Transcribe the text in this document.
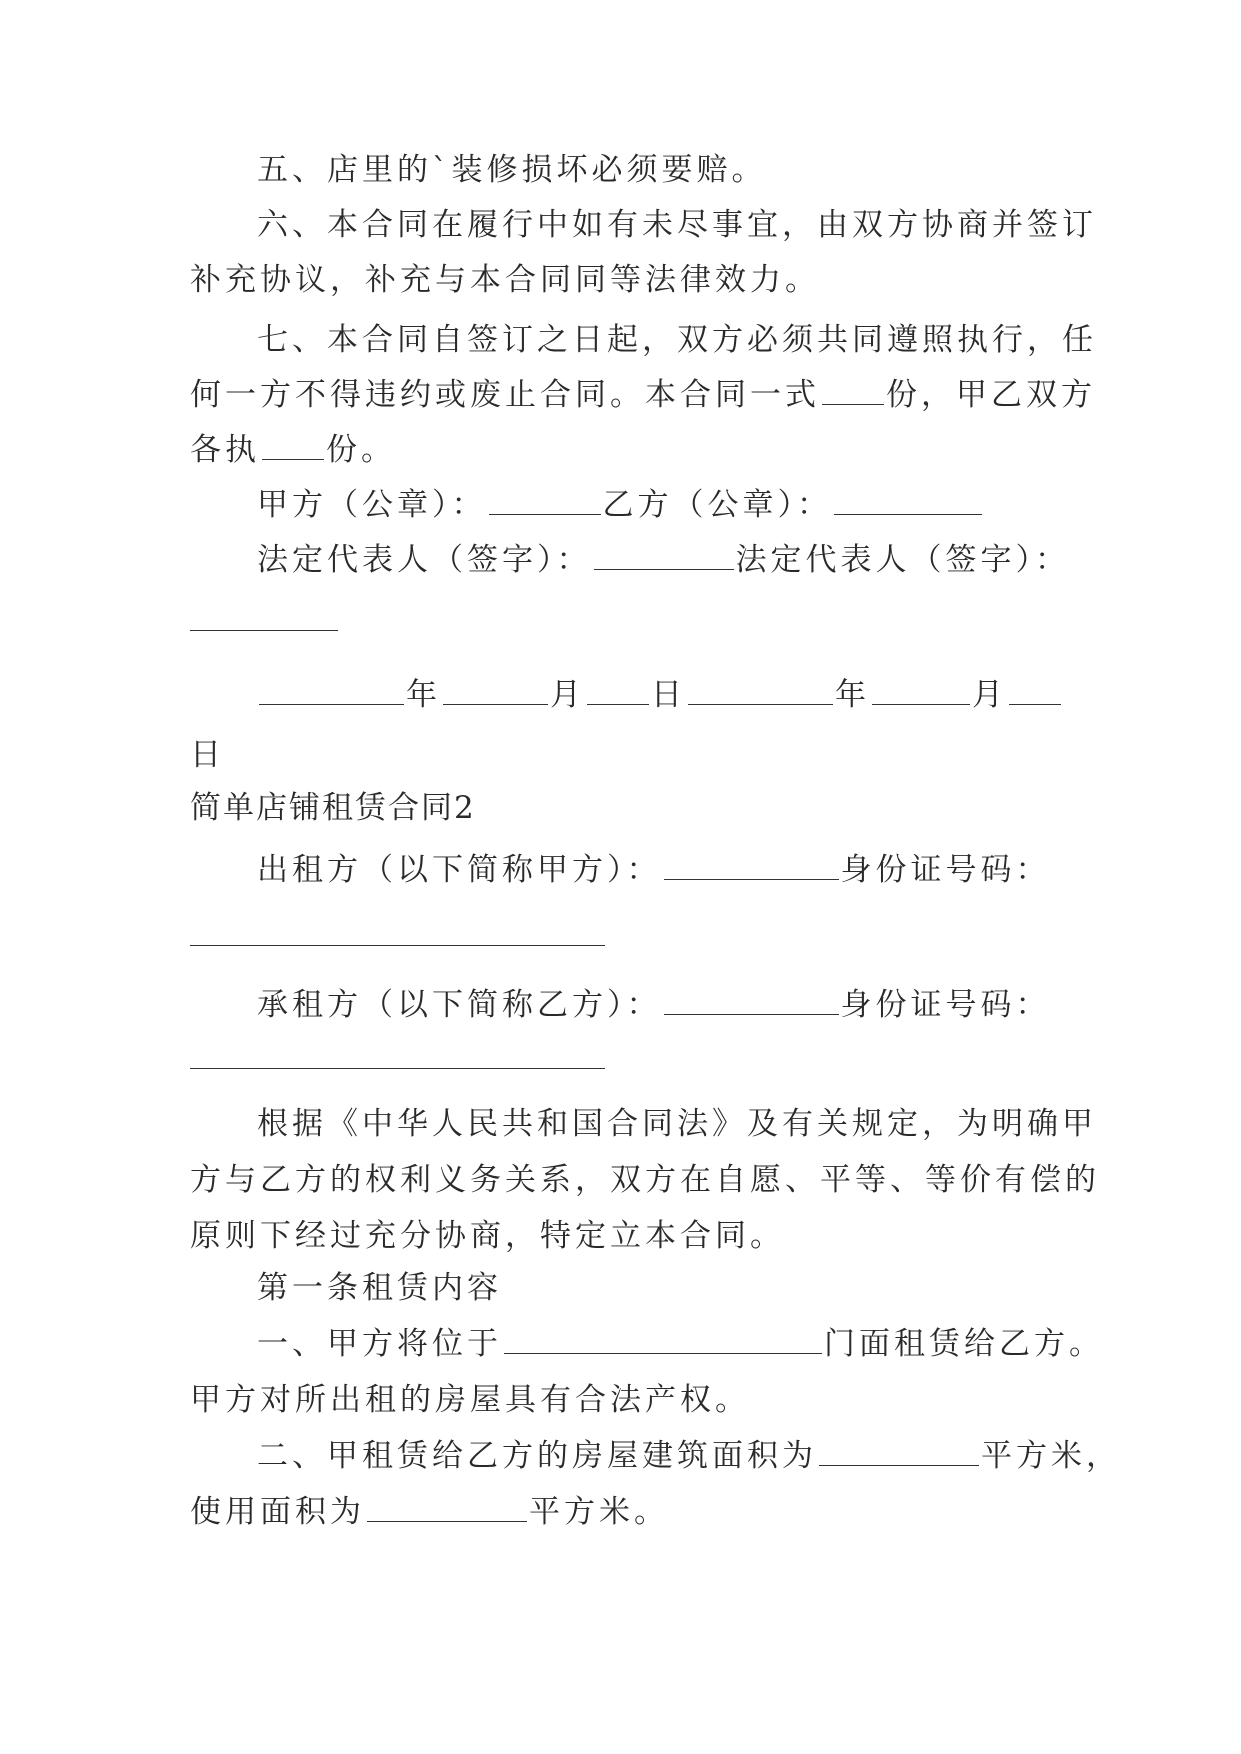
五、店里的`装修损坏必须要赔。
六、本合同在履行中如有未尽事宜，由双方协商并签订
补充协议，补充与本合同同等法律效力。
七、本合同自签订之日起，双方必须共同遵照执行，任
何一方不得违约或废止合同。本合同一式 份，甲乙双方
各执 份。
甲方（公章）：	乙方（公章）：
法定代表人（签字）：	法定代表人（签字）：
年	月 日	年	月
日
简单店铺租赁合同2
出租方（以下简称甲方）：	身份证号码：
承租方（以下简称乙方）：	身份证号码：
根据《中华人民共和国合同法》及有关规定，为明确甲
方与乙方的权利义务关系，双方在自愿、平等、等价有偿的
原则下经过充分协商，特定立本合同。
第一条租赁内容
一、甲方将位于	门面租赁给乙方。
甲方对所出租的房屋具有合法产权。
二、甲租赁给乙方的房屋建筑面积为	平方米，
使用面积为	平方米。
